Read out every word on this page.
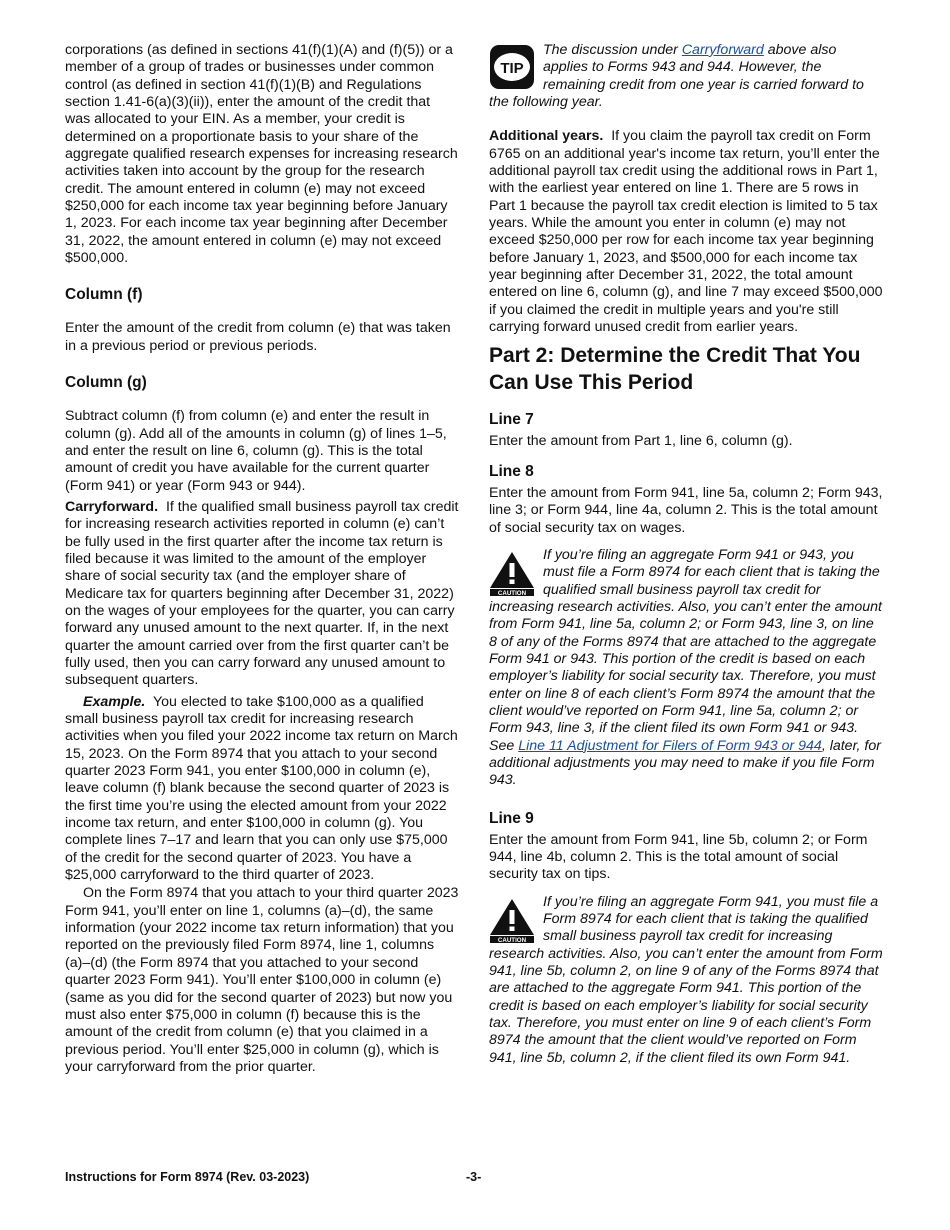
corporations (as defined in sections 41(f)(1)(A) and (f)(5)) or a member of a group of trades or businesses under common control (as defined in section 41(f)(1)(B) and Regulations section 1.41-6(a)(3)(ii)), enter the amount of the credit that was allocated to your EIN. As a member, your credit is determined on a proportionate basis to your share of the aggregate qualified research expenses for increasing research activities taken into account by the group for the research credit. The amount entered in column (e) may not exceed $250,000 for each income tax year beginning before January 1, 2023. For each income tax year beginning after December 31, 2022, the amount entered in column (e) may not exceed $500,000.

Column (f)

Enter the amount of the credit from column (e) that was taken in a previous period or previous periods.

Column (g)

Subtract column (f) from column (e) and enter the result in column (g). Add all of the amounts in column (g) of lines 1–5, and enter the result on line 6, column (g). This is the total amount of credit you have available for the current quarter (Form 941) or year (Form 943 or 944).

Carryforward. If the qualified small business payroll tax credit for increasing research activities reported in column (e) can’t be fully used in the first quarter after the income tax return is filed because it was limited to the amount of the employer share of social security tax (and the employer share of Medicare tax for quarters beginning after December 31, 2022) on the wages of your employees for the quarter, you can carry forward any unused amount to the next quarter. If, in the next quarter the amount carried over from the first quarter can’t be fully used, then you can carry forward any unused amount to subsequent quarters.

Example. You elected to take $100,000 as a qualified small business payroll tax credit for increasing research activities when you filed your 2022 income tax return on March 15, 2023. On the Form 8974 that you attach to your second quarter 2023 Form 941, you enter $100,000 in column (e), leave column (f) blank because the second quarter of 2023 is the first time you’re using the elected amount from your 2022 income tax return, and enter $100,000 in column (g). You complete lines 7–17 and learn that you can only use $75,000 of the credit for the second quarter of 2023. You have a $25,000 carryforward to the third quarter of 2023.

On the Form 8974 that you attach to your third quarter 2023 Form 941, you’ll enter on line 1, columns (a)–(d), the same information (your 2022 income tax return information) that you reported on the previously filed Form 8974, line 1, columns (a)–(d) (the Form 8974 that you attached to your second quarter 2023 Form 941). You’ll enter $100,000 in column (e) (same as you did for the second quarter of 2023) but now you must also enter $75,000 in column (f) because this is the amount of the credit from column (e) that you claimed in a previous period. You’ll enter $25,000 in column (g), which is your carryforward from the prior quarter.

TIP

The discussion under Carryforward above also applies to Forms 943 and 944. However, the remaining credit from one year is carried forward to the following year.

Additional years. If you claim the payroll tax credit on Form 6765 on an additional year's income tax return, you’ll enter the additional payroll tax credit using the additional rows in Part 1, with the earliest year entered on line 1. There are 5 rows in Part 1 because the payroll tax credit election is limited to 5 tax years. While the amount you enter in column (e) may not exceed $250,000 per row for each income tax year beginning before January 1, 2023, and $500,000 for each income tax year beginning after December 31, 2022, the total amount entered on line 6, column (g), and line 7 may exceed $500,000 if you claimed the credit in multiple years and you're still carrying forward unused credit from earlier years.

Part 2: Determine the Credit That You Can Use This Period
Line 7

Enter the amount from Part 1, line 6, column (g).

Line 8

Enter the amount from Form 941, line 5a, column 2; Form 943, line 3; or Form 944, line 4a, column 2. This is the total amount of social security tax on wages.

CAUTION

If you’re filing an aggregate Form 941 or 943, you must file a Form 8974 for each client that is taking the qualified small business payroll tax credit for increasing research activities. Also, you can’t enter the amount from Form 941, line 5a, column 2; or Form 943, line 3, on line 8 of any of the Forms 8974 that are attached to the aggregate Form 941 or 943. This portion of the credit is based on each employer’s liability for social security tax. Therefore, you must enter on line 8 of each client’s Form 8974 the amount that the client would’ve reported on Form 941, line 5a, column 2; or Form 943, line 3, if the client filed its own Form 941 or 943. See Line 11 Adjustment for Filers of Form 943 or 944, later, for additional adjustments you may need to make if you file Form 943.

Line 9

Enter the amount from Form 941, line 5b, column 2; or Form 944, line 4b, column 2. This is the total amount of social security tax on tips.

CAUTION

If you’re filing an aggregate Form 941, you must file a Form 8974 for each client that is taking the qualified small business payroll tax credit for increasing research activities. Also, you can’t enter the amount from Form 941, line 5b, column 2, on line 9 of any of the Forms 8974 that are attached to the aggregate Form 941. This portion of the credit is based on each employer’s liability for social security tax. Therefore, you must enter on line 9 of each client’s Form 8974 the amount that the client would’ve reported on Form 941, line 5b, column 2, if the client filed its own Form 941.

Instructions for Form 8974 (Rev. 03-2023)	-3-
